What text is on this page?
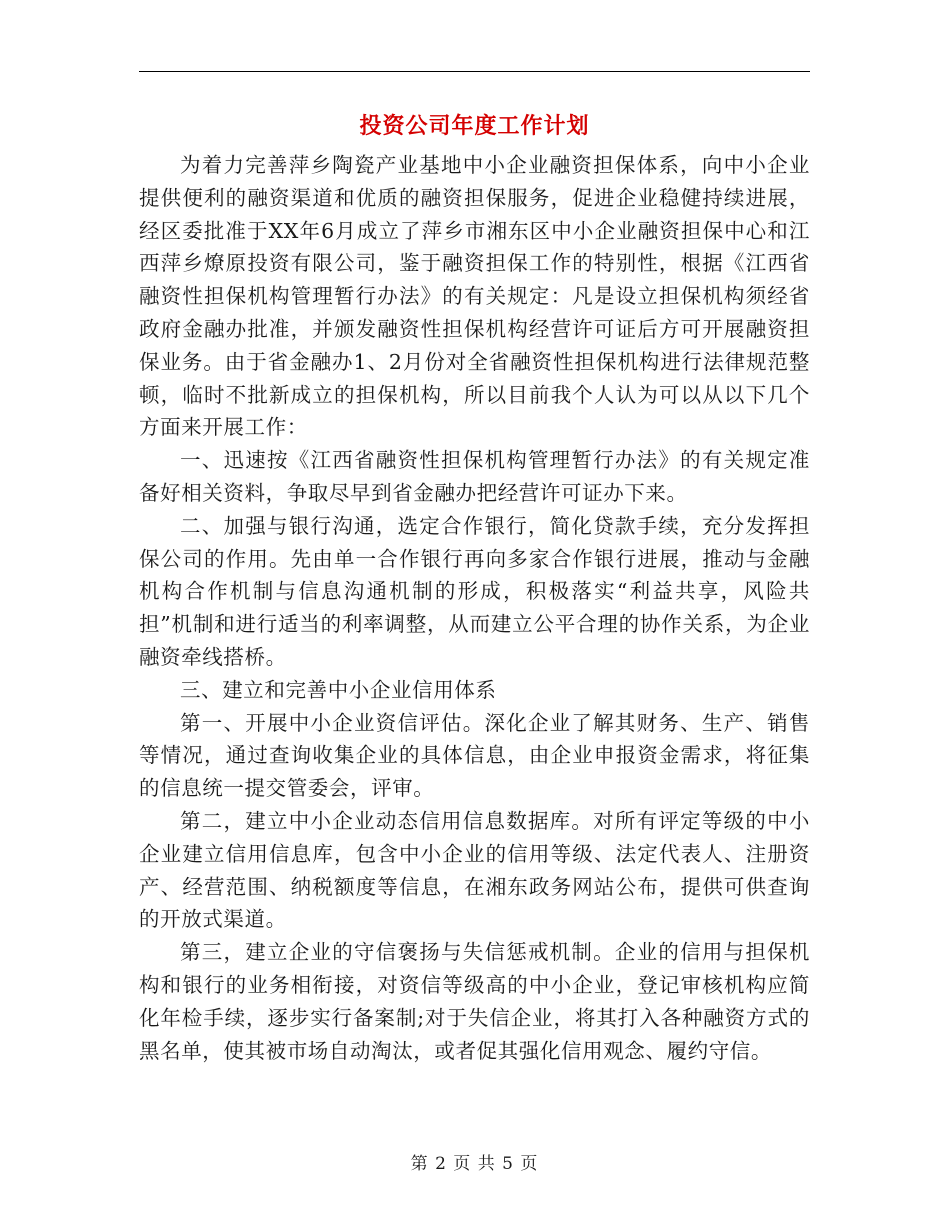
投资公司年度工作计划

为着力完善萍乡陶瓷产业基地中小企业融资担保体系，向中小企业提供便利的融资渠道和优质的融资担保服务，促进企业稳健持续进展，经区委批准于XX年6月成立了萍乡市湘东区中小企业融资担保中心和江西萍乡燎原投资有限公司，鉴于融资担保工作的特别性，根据《江西省融资性担保机构管理暂行办法》的有关规定：凡是设立担保机构须经省政府金融办批准，并颁发融资性担保机构经营许可证后方可开展融资担保业务。由于省金融办1、2月份对全省融资性担保机构进行法律规范整顿，临时不批新成立的担保机构，所以目前我个人认为可以从以下几个方面来开展工作：

一、迅速按《江西省融资性担保机构管理暂行办法》的有关规定准备好相关资料，争取尽早到省金融办把经营许可证办下来。

二、加强与银行沟通，选定合作银行，简化贷款手续，充分发挥担保公司的作用。先由单一合作银行再向多家合作银行进展，推动与金融机构合作机制与信息沟通机制的形成，积极落实“利益共享，风险共担”机制和进行适当的利率调整，从而建立公平合理的协作关系，为企业融资牵线搭桥。

三、建立和完善中小企业信用体系

第一、开展中小企业资信评估。深化企业了解其财务、生产、销售等情况，通过查询收集企业的具体信息，由企业申报资金需求，将征集的信息统一提交管委会，评审。

第二，建立中小企业动态信用信息数据库。对所有评定等级的中小企业建立信用信息库，包含中小企业的信用等级、法定代表人、注册资产、经营范围、纳税额度等信息，在湘东政务网站公布，提供可供查询的开放式渠道。

第三，建立企业的守信褒扬与失信惩戒机制。企业的信用与担保机构和银行的业务相衔接，对资信等级高的中小企业，登记审核机构应简化年检手续，逐步实行备案制;对于失信企业，将其打入各种融资方式的黑名单，使其被市场自动淘汰，或者促其强化信用观念、履约守信。

第 2 页 共 5 页
